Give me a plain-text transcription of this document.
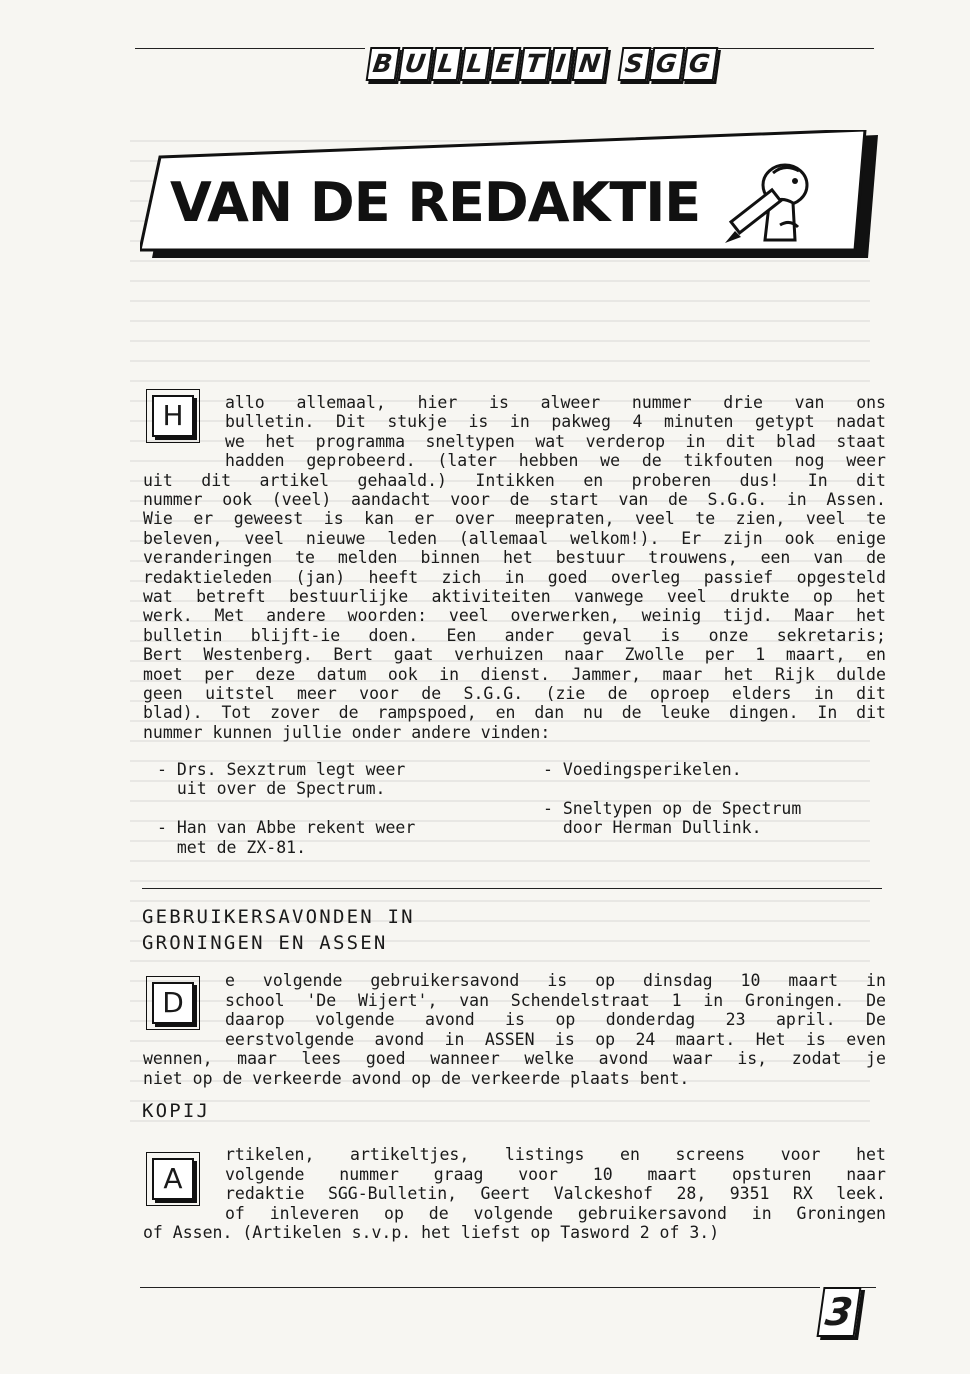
B U L L E T I N S G G
VAN DE REDAKTIE
H	allo allemaal, hier is alweer nummer drie van ons
bulletin. Dit stukje is in pakweg 4 minuten getypt nadat
we het programma sneltypen wat verderop in dit blad staat
hadden geprobeerd. (later hebben we de tikfouten nog weer
uit dit artikel gehaald.) Intikken en proberen dus! In dit
nummer ook (veel) aandacht voor de start van de S.G.G. in Assen.
Wie er geweest is kan er over meepraten, veel te zien, veel te
beleven, veel nieuwe leden (allemaal welkom!). Er zijn ook enige
veranderingen te melden binnen het bestuur trouwens, een van de
redaktieleden (jan) heeft zich in goed overleg passief opgesteld
wat betreft bestuurlijke aktiviteiten vanwege veel drukte op het
werk. Met andere woorden: veel overwerken, weinig tijd. Maar het
bulletin blijft-ie doen. Een ander geval is onze sekretaris;
Bert Westenberg. Bert gaat verhuizen naar Zwolle per 1 maart, en
moet per deze datum ook in dienst. Jammer, maar het Rijk dulde
geen uitstel meer voor de S.G.G. (zie de oproep elders in dit
blad). Tot zover de rampspoed, en dan nu de leuke dingen. In dit
nummer kunnen jullie onder andere vinden:
- Drs. Sexztrum legt weer
uit over de Spectrum.
- Han van Abbe rekent weer
met de ZX-81.
- Voedingsperikelen.
- Sneltypen op de Spectrum
door Herman Dullink.
GEBRUIKERSAVONDEN IN
GRONINGEN EN ASSEN
D
e volgende gebruikersavond is op dinsdag 10 maart in
school 'De Wijert', van Schendelstraat 1 in Groningen. De
daarop volgende avond is op donderdag 23 april. De
eerstvolgende avond in ASSEN is op 24 maart. Het is even
wennen, maar lees goed wanneer welke avond waar is, zodat je
niet op de verkeerde avond op de verkeerde plaats bent.
KOPIJ
A
rtikelen, artikeltjes, listings en screens voor het
volgende nummer graag voor 10 maart opsturen naar
redaktie SGG-Bulletin, Geert Valckeshof 28, 9351 RX leek.
of inleveren op de volgende gebruikersavond in Groningen
of Assen. (Artikelen s.v.p. het liefst op Tasword 2 of 3.)
3
